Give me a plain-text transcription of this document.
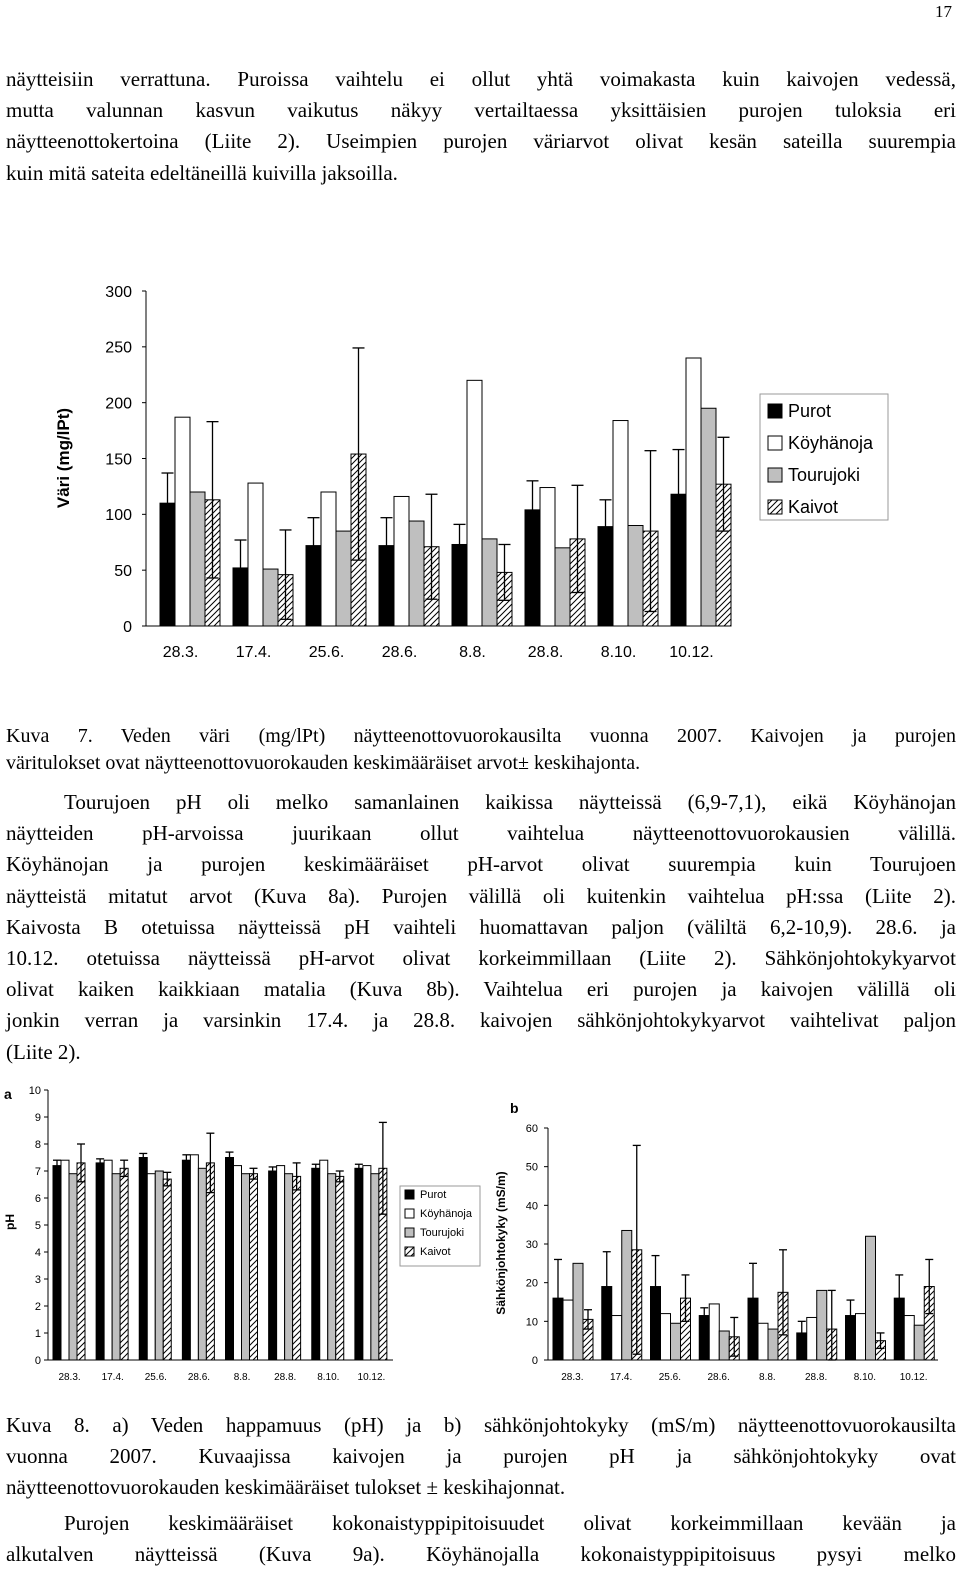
17
näytteisiin verrattuna. Puroissa vaihtelu ei ollut yhtä voimakasta kuin kaivojen vedessä,
mutta valunnan kasvun vaikutus näkyy vertailtaessa yksittäisien purojen tuloksia eri
näytteenottokertoina (Liite 2). Useimpien purojen väriarvot olivat kesän sateilla suurempia
kuin mitä sateita edeltäneillä kuivilla jaksoilla.
0
50
100
150
200
250
300
Väri (mg/lPt)
28.3. 17.4. 25.6. 28.6.	8.8.	28.8. 8.10. 10.12.
Purot
Köyhänoja
Tourujoki
Kaivot
Kuva 7. Veden väri (mg/lPt) näytteenottovuorokausilta vuonna 2007. Kaivojen ja purojen
väritulokset ovat näytteenottovuorokauden keskimääräiset arvot± keskihajonta.
Tourujoen pH oli melko samanlainen kaikissa näytteissä (6,9-7,1), eikä Köyhänojan
näytteiden pH-arvoissa juurikaan ollut vaihtelua näytteenottovuorokausien välillä.
Köyhänojan ja purojen keskimääräiset pH-arvot olivat suurempia kuin Tourujoen
näytteistä mitatut arvot (Kuva 8a). Purojen välillä oli kuitenkin vaihtelua pH:ssa (Liite 2).
Kaivosta B otetuissa näytteissä pH vaihteli huomattavan paljon (väliltä 6,2-10,9). 28.6. ja
10.12. otetuissa näytteissä pH-arvot olivat korkeimmillaan (Liite 2). Sähkönjohtokykyarvot
olivat kaiken kaikkiaan matalia (Kuva 8b). Vaihtelua eri purojen ja kaivojen välillä oli
jonkin verran ja varsinkin 17.4. ja 28.8. kaivojen sähkönjohtokykyarvot vaihtelivat paljon
(Liite 2).
a
0
1
2
3
4
5
6
7
8
9
10
pH
28.3. 17.4. 25.6. 28.6. 8.8. 28.8. 8.10. 10.12.
Purot
Köyhänoja
Tourujoki
Kaivot
b
0
10
20
30
40
50
60
Sähkönjohtokyky (mS/m)
28.3.	17.4.	25.6.	28.6.	8.8.	28.8.	8.10. 10.12.
Kuva 8. a) Veden happamuus (pH) ja b) sähkönjohtokyky (mS/m) näytteenottovuorokausilta
vuonna 2007. Kuvaajissa kaivojen ja purojen pH ja sähkönjohtokyky ovat
näytteenottovuorokauden keskimääräiset tulokset ± keskihajonnat.
Purojen keskimääräiset kokonaistyppipitoisuudet olivat korkeimmillaan kevään ja
alkutalven näytteissä (Kuva 9a). Köyhänojalla kokonaistyppipitoisuus pysyi melko
